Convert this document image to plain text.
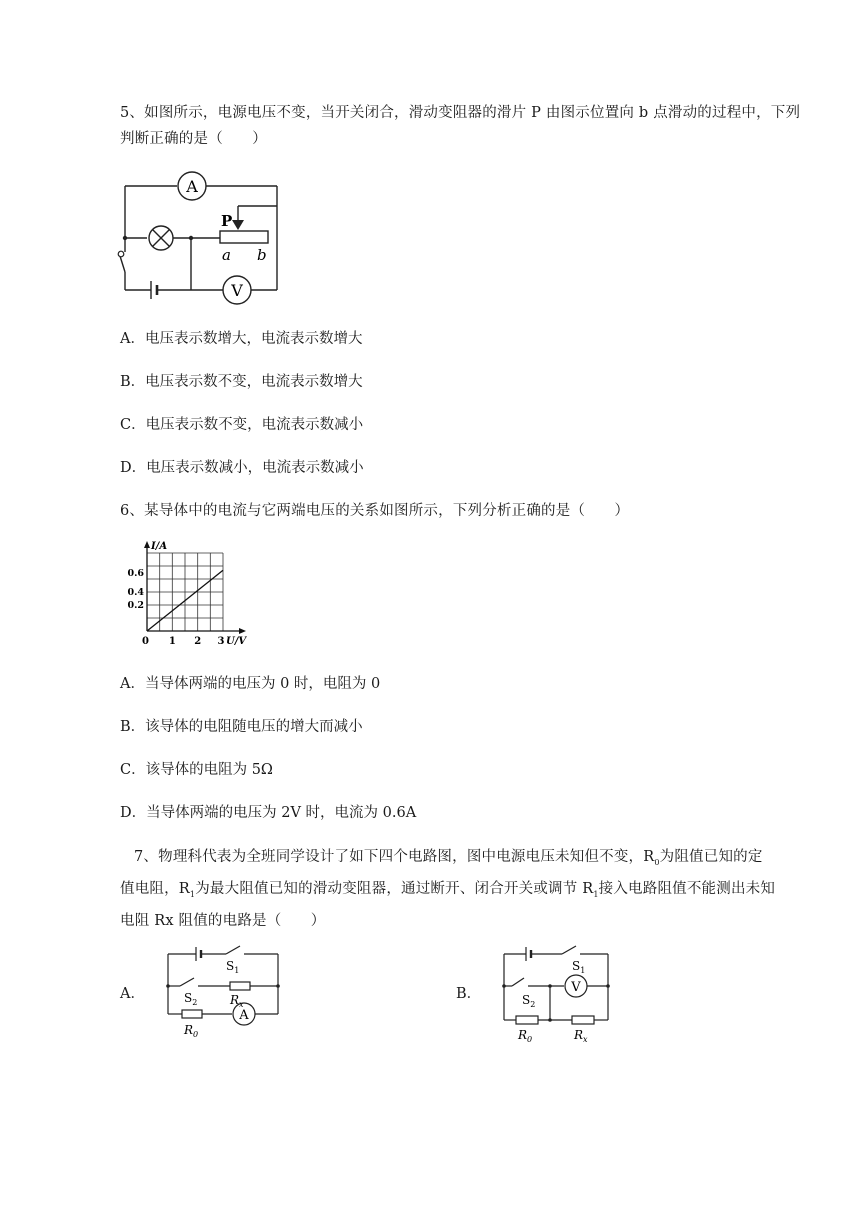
5、如图所示，电源电压不变，当开关闭合，滑动变阻器的滑片 P 由图示位置向 b 点滑动的过程中，下列判断正确的是（　　）
A
V
P
a b
A．电压表示数增大，电流表示数增大
B．电压表示数不变，电流表示数增大
C．电压表示数不变，电流表示数减小
D．电压表示数减小，电流表示数减小
6、某导体中的电流与它两端电压的关系如图所示，下列分析正确的是（　　）
I/A
U/V
0
0.2
0.4
0.6
1 2 3
A．当导体两端的电压为 0 时，电阻为 0
B．该导体的电阻随电压的增大而减小
C．该导体的电阻为 5Ω
D．当导体两端的电压为 2V 时，电流为 0.6A
7、物理科代表为全班同学设计了如下四个电路图，图中电源电压未知但不变，$R_0$为阻值已知的定
值电阻，$R_1$为最大阻值已知的滑动变阻器，通过断开、闭合开关或调节 $R_1$接入电路阻值不能测出未知
电阻 Rx 阻值的电路是（　　）
A．
A
$S_1$
$S_2$	$R_x$
$R_0$
B．	V
$S_1$
$S_2$
$R_0$	$R_x$
